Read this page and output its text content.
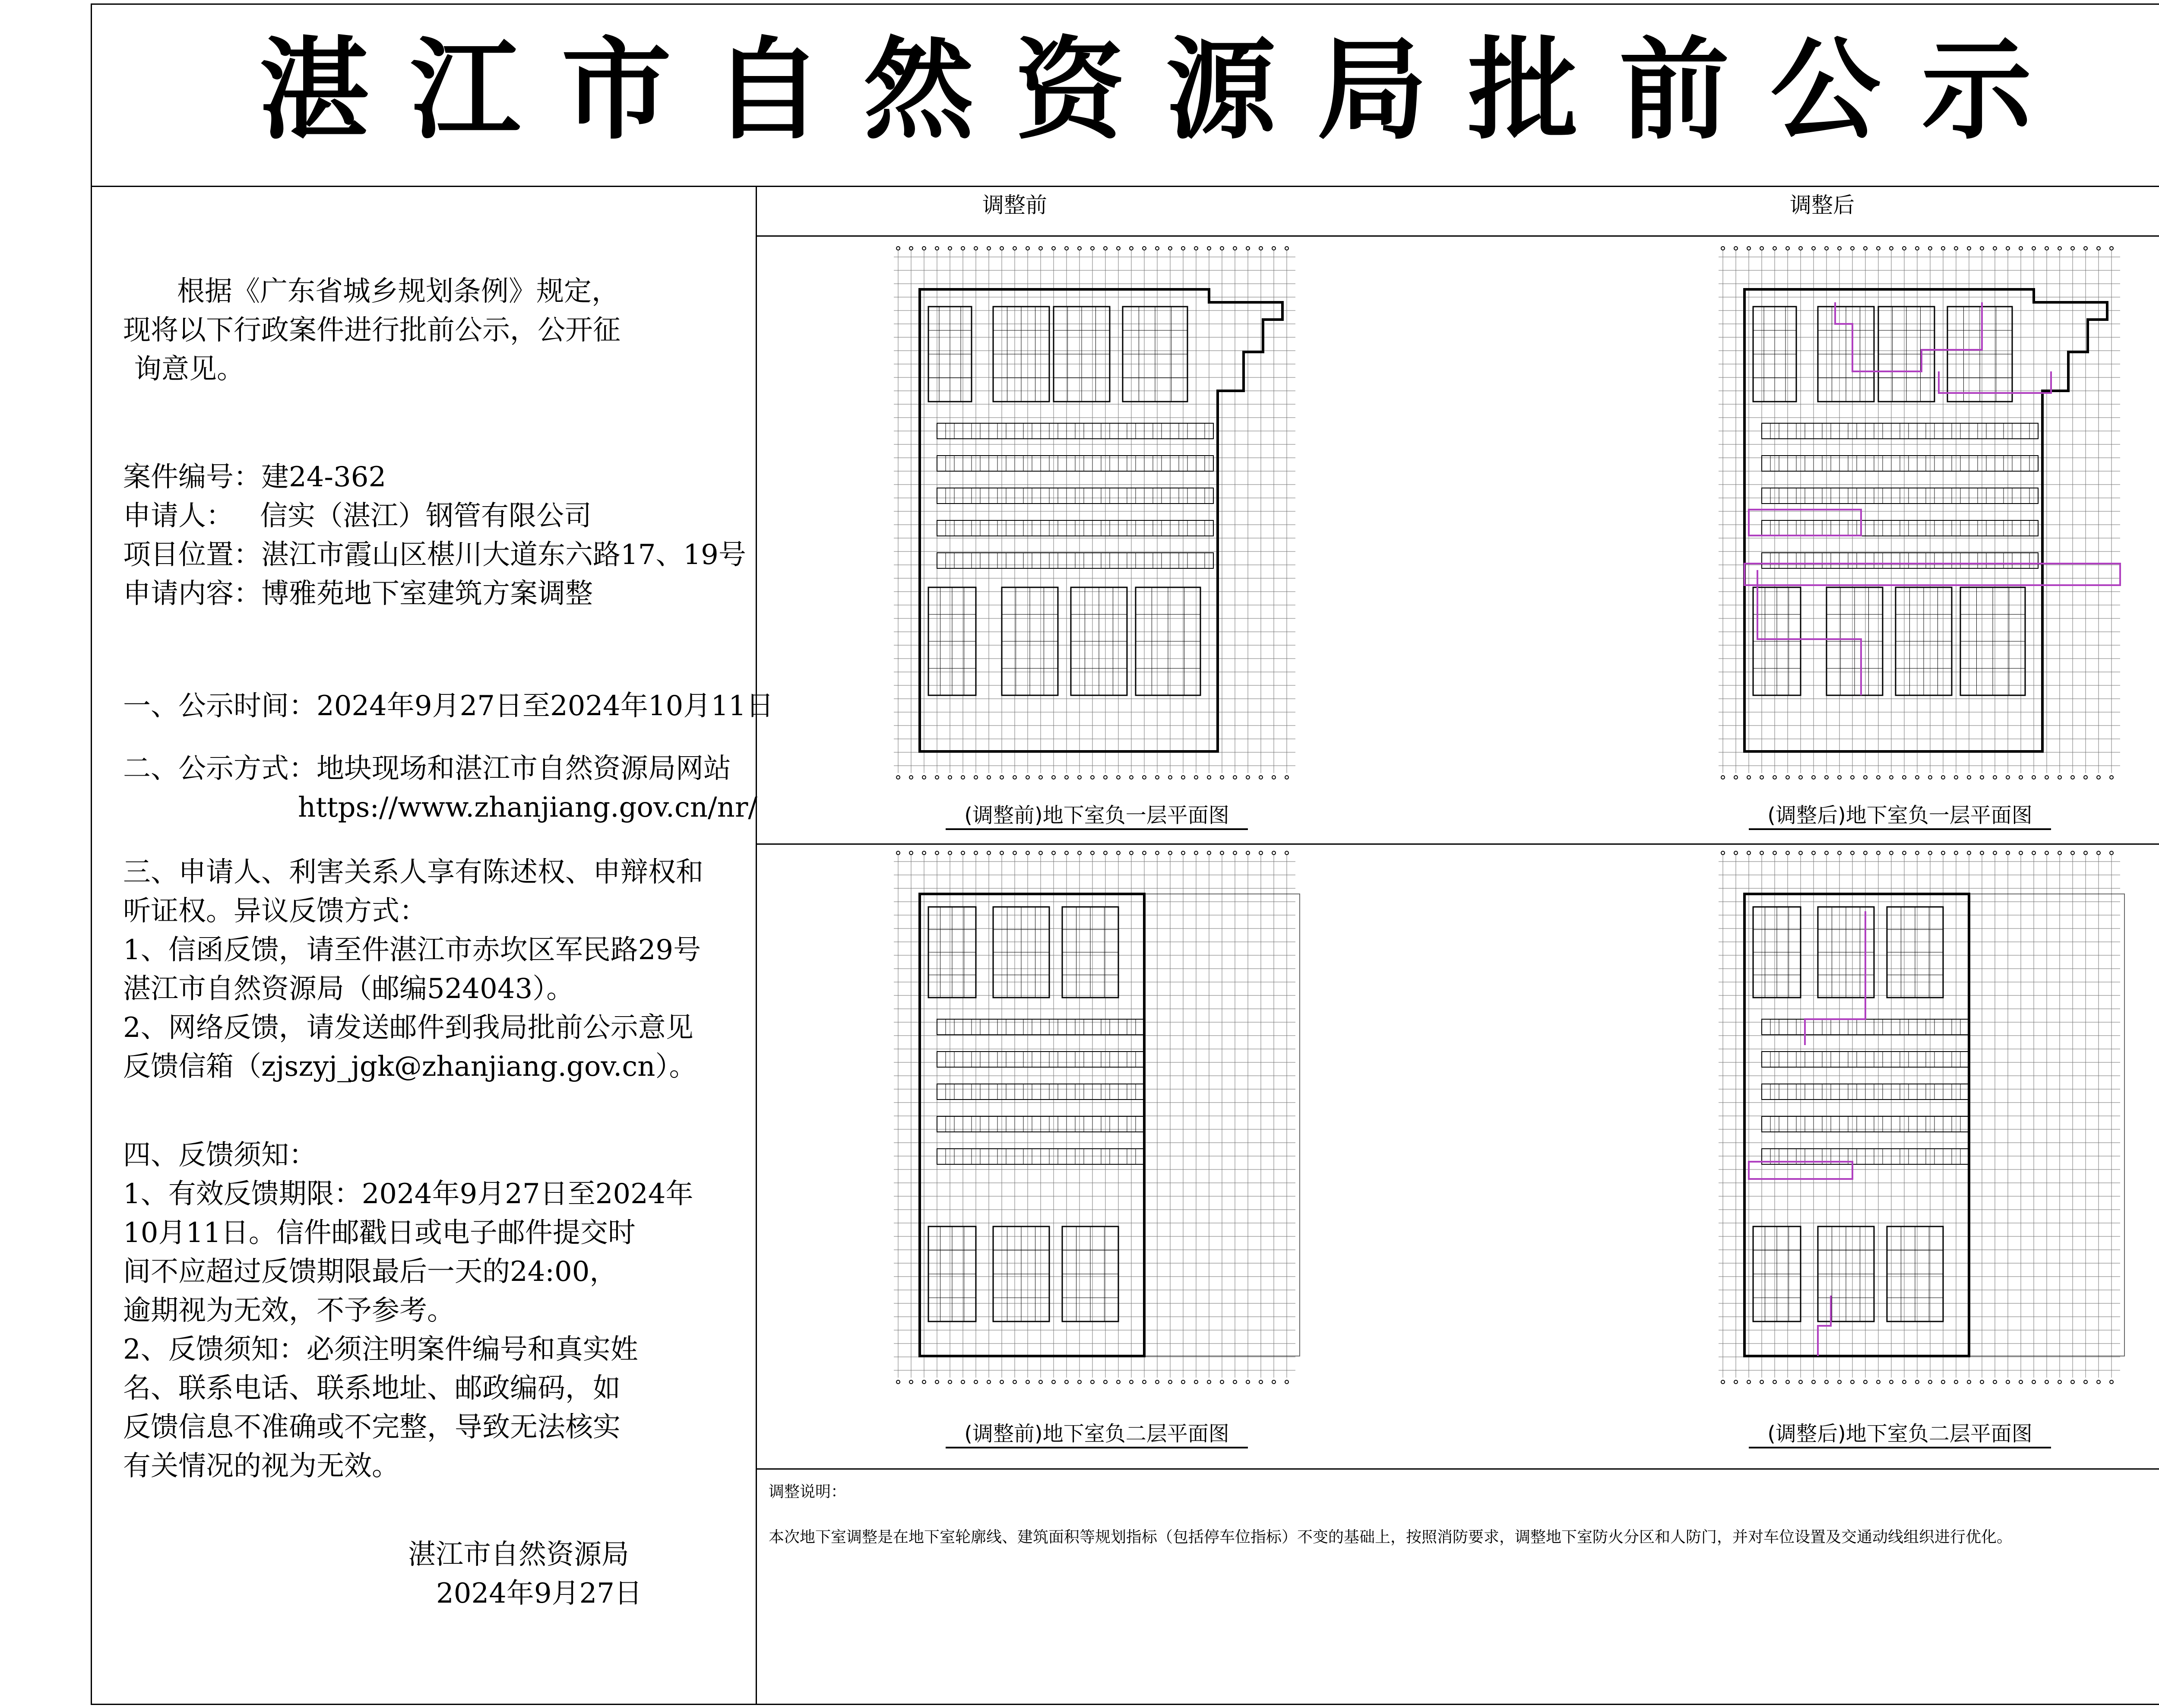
湛江市自然资源局批前公示
根据《广东省城乡规划条例》规定，
现将以下行政案件进行批前公示，公开征
询意见。
案件编号：建24-362
申请人：   信实（湛江）钢管有限公司
项目位置：湛江市霞山区椹川大道东六路17、19号
申请内容：博雅苑地下室建筑方案调整
一、公示时间：2024年9月27日至2024年10月11日
二、公示方式：地块现场和湛江市自然资源局网站
https://www.zhanjiang.gov.cn/nr/
三、申请人、利害关系人享有陈述权、申辩权和
听证权。异议反馈方式：
1、信函反馈，请至件湛江市赤坎区军民路29号
湛江市自然资源局（邮编524043）。
2、网络反馈，请发送邮件到我局批前公示意见
反馈信箱（zjszyj_jgk@zhanjiang.gov.cn）。
四、反馈须知：
1、有效反馈期限：2024年9月27日至2024年
10月11日。信件邮戳日或电子邮件提交时
间不应超过反馈期限最后一天的24:00，
逾期视为无效，不予参考。
2、反馈须知：必须注明案件编号和真实姓
名、联系电话、联系地址、邮政编码，如
反馈信息不准确或不完整，导致无法核实
有关情况的视为无效。
湛江市自然资源局
2024年9月27日
调整前	调整后
(调整前)地下室负一层平面图	(调整后)地下室负一层平面图
(调整前)地下室负二层平面图	(调整后)地下室负二层平面图
调整说明：
本次地下室调整是在地下室轮廓线、建筑面积等规划指标（包括停车位指标）不变的基础上，按照消防要求，调整地下室防火分区和人防门，并对车位设置及交通动线组织进行优化。
